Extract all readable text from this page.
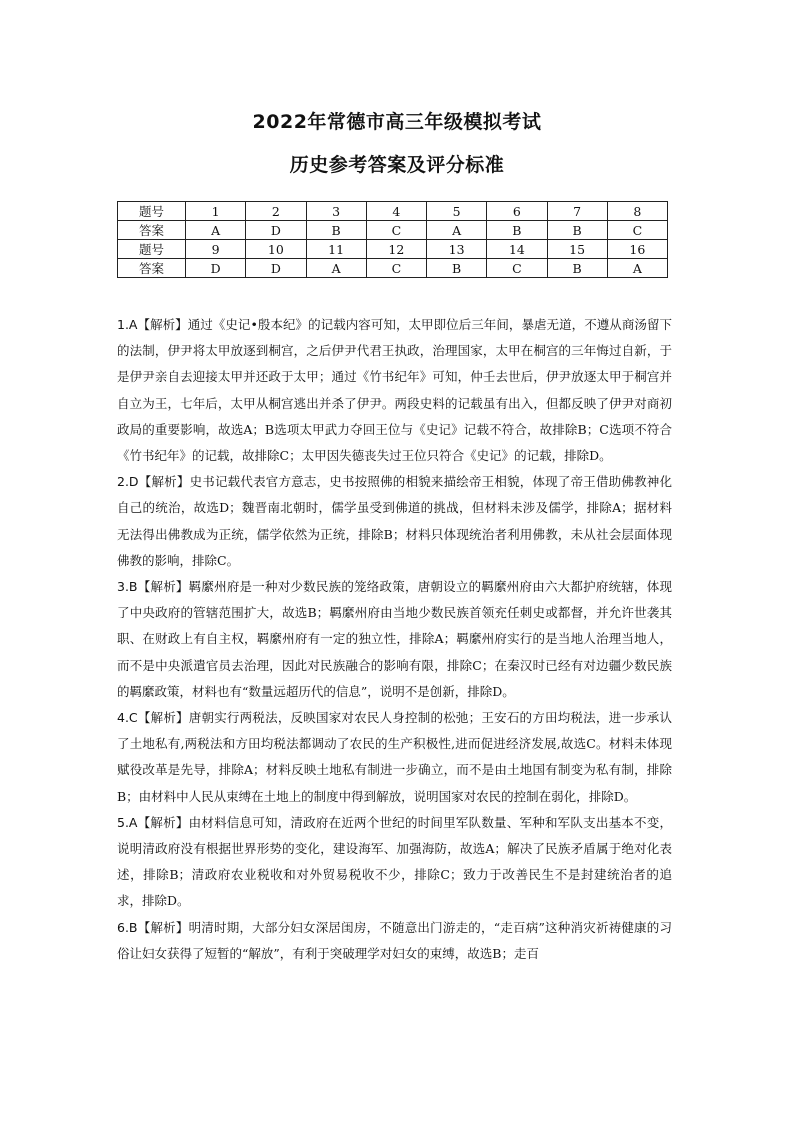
2022年常德市高三年级模拟考试
历史参考答案及评分标准
题号	1	2	3	4	5	6	7	8
答案	A	D	B	C	A	B	B	C
题号	9	10	11	12	13	14	15	16
答案	D	D	A	C	B	C	B	A

1.A【解析】通过《史记•殷本纪》的记载内容可知，太甲即位后三年间，暴虐无道，不遵从商汤留下的法制，伊尹将太甲放逐到桐宫，之后伊尹代君王执政，治理国家，太甲在桐宫的三年悔过自新，于是伊尹亲自去迎接太甲并还政于太甲；通过《竹书纪年》可知，仲壬去世后，伊尹放逐太甲于桐宫并自立为王，七年后，太甲从桐宫逃出并杀了伊尹。两段史料的记载虽有出入，但都反映了伊尹对商初政局的重要影响，故选A；B选项太甲武力夺回王位与《史记》记载不符合，故排除B；C选项不符合《竹书纪年》的记载，故排除C；太甲因失德丧失过王位只符合《史记》的记载，排除D。

2.D【解析】史书记载代表官方意志，史书按照佛的相貌来描绘帝王相貌，体现了帝王借助佛教神化自己的统治，故选D；魏晋南北朝时，儒学虽受到佛道的挑战，但材料未涉及儒学，排除A；据材料无法得出佛教成为正统，儒学依然为正统，排除B；材料只体现统治者利用佛教，未从社会层面体现佛教的影响，排除C。

3.B【解析】羁縻州府是一种对少数民族的笼络政策，唐朝设立的羁縻州府由六大都护府统辖，体现了中央政府的管辖范围扩大，故选B；羁縻州府由当地少数民族首领充任刺史或都督，并允许世袭其职、在财政上有自主权，羁縻州府有一定的独立性，排除A；羁縻州府实行的是当地人治理当地人，而不是中央派遣官员去治理，因此对民族融合的影响有限，排除C；在秦汉时已经有对边疆少数民族的羁縻政策，材料也有“数量远超历代的信息”，说明不是创新，排除D。

4.C【解析】唐朝实行两税法，反映国家对农民人身控制的松弛；王安石的方田均税法，进一步承认了土地私有,两税法和方田均税法都调动了农民的生产积极性,进而促进经济发展,故选C。材料未体现赋役改革是先导，排除A；材料反映土地私有制进一步确立，而不是由土地国有制变为私有制，排除B；由材料中人民从束缚在土地上的制度中得到解放，说明国家对农民的控制在弱化，排除D。

5.A【解析】由材料信息可知，清政府在近两个世纪的时间里军队数量、军种和军队支出基本不变，说明清政府没有根据世界形势的变化，建设海军、加强海防，故选A；解决了民族矛盾属于绝对化表述，排除B；清政府农业税收和对外贸易税收不少，排除C；致力于改善民生不是封建统治者的追求，排除D。

6.B【解析】明清时期，大部分妇女深居闺房，不随意出门游走的，“走百病”这种消灾祈祷健康的习俗让妇女获得了短暂的“解放”，有利于突破理学对妇女的束缚，故选B；走百
